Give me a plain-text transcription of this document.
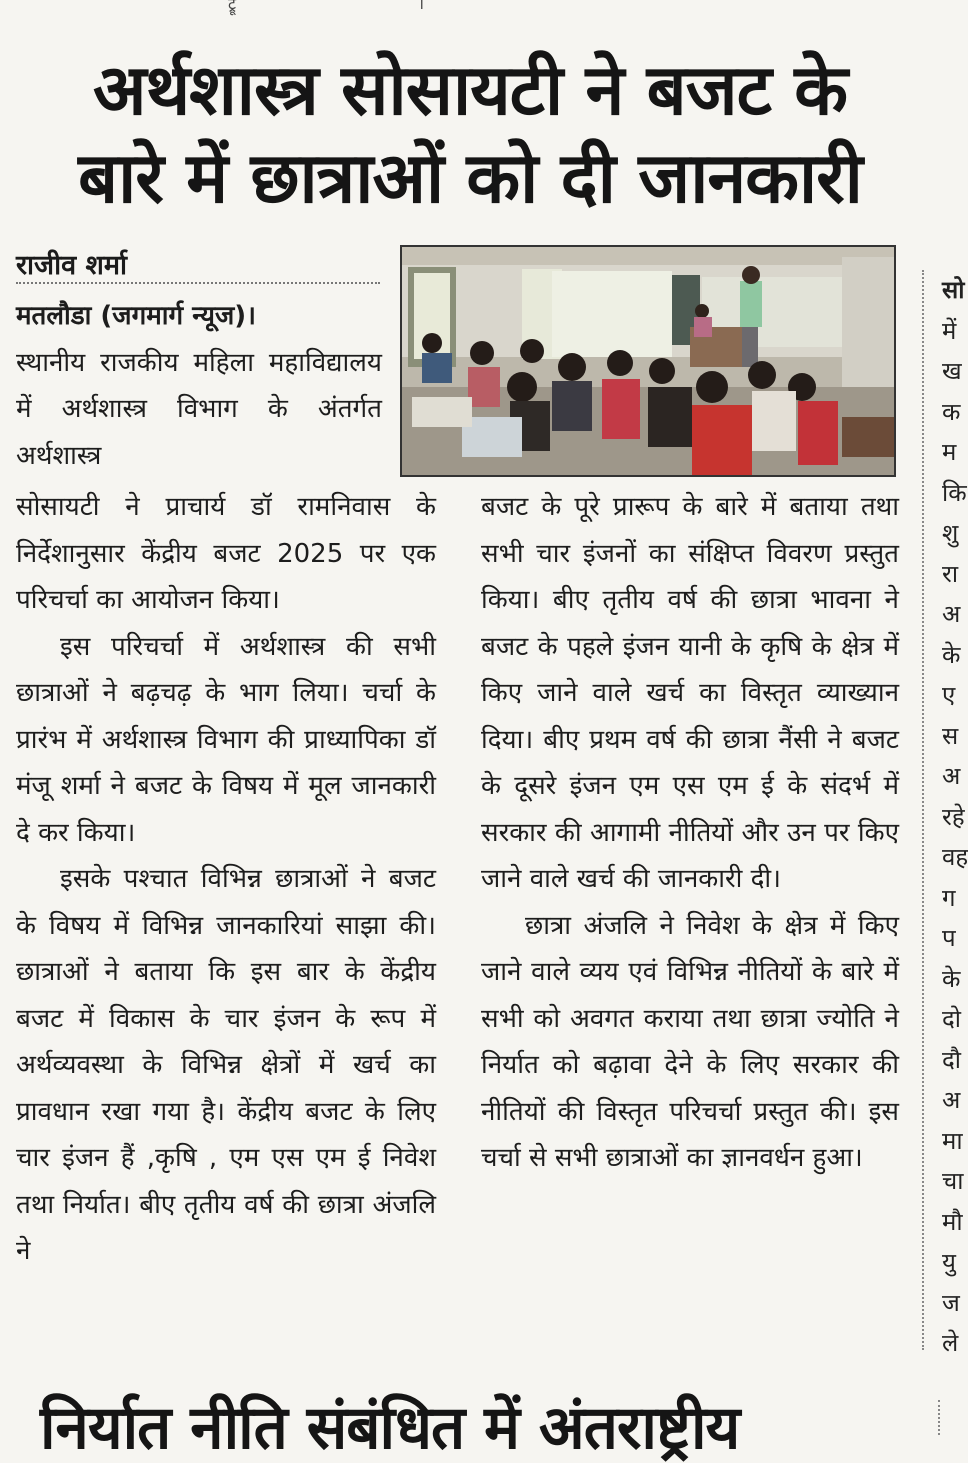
ट्रू	।
अर्थशास्त्र सोसायटी ने बजट के
बारे में छात्राओं को दी जानकारी
राजीव शर्मा

मतलौडा (जगमार्ग न्यूज)।

स्थानीय राजकीय महिला महाविद्यालय में अर्थशास्त्र विभाग के अंतर्गत अर्थशास्त्र

सोसायटी ने प्राचार्य डॉ रामनिवास के निर्देशानुसार केंद्रीय बजट 2025 पर एक परिचर्चा का आयोजन किया।

इस परिचर्चा में अर्थशास्त्र की सभी छात्राओं ने बढ़चढ़ के भाग लिया। चर्चा के प्रारंभ में अर्थशास्त्र विभाग की प्राध्यापिका डॉ मंजू शर्मा ने बजट के विषय में मूल जानकारी दे कर किया।

इसके पश्चात विभिन्न छात्राओं ने बजट के विषय में विभिन्न जानकारियां साझा की। छात्राओं ने बताया कि इस बार के केंद्रीय बजट में विकास के चार इंजन के रूप में अर्थव्यवस्था के विभिन्न क्षेत्रों में खर्च का प्रावधान रखा गया है। केंद्रीय बजट के लिए चार इंजन हैं ,कृषि , एम एस एम ई निवेश तथा निर्यात। बीए तृतीय वर्ष की छात्रा अंजलि ने

बजट के पूरे प्रारूप के बारे में बताया तथा सभी चार इंजनों का संक्षिप्त विवरण प्रस्तुत किया। बीए तृतीय वर्ष की छात्रा भावना ने बजट के पहले इंजन यानी के कृषि के क्षेत्र में किए जाने वाले खर्च का विस्तृत व्याख्यान दिया। बीए प्रथम वर्ष की छात्रा नैंसी ने बजट के दूसरे इंजन एम एस एम ई के संदर्भ में सरकार की आगामी नीतियों और उन पर किए जाने वाले खर्च की जानकारी दी।

छात्रा अंजलि ने निवेश के क्षेत्र में किए जाने वाले व्यय एवं विभिन्न नीतियों के बारे में सभी को अवगत कराया तथा छात्रा ज्योति ने निर्यात को बढ़ावा देने के लिए सरकार की नीतियों की विस्तृत परिचर्चा प्रस्तुत की। इस चर्चा से सभी छात्राओं का ज्ञानवर्धन हुआ।

सो
में
ख
क
म
कि
शु
रा
अ
के
ए
स
अ
रहे
वह
ग
प
के
दो
दौ
अ
मा
चा
मौ
यु
ज
ले
निर्यात नीति संबंधित में अंतराष्ट्रीय
